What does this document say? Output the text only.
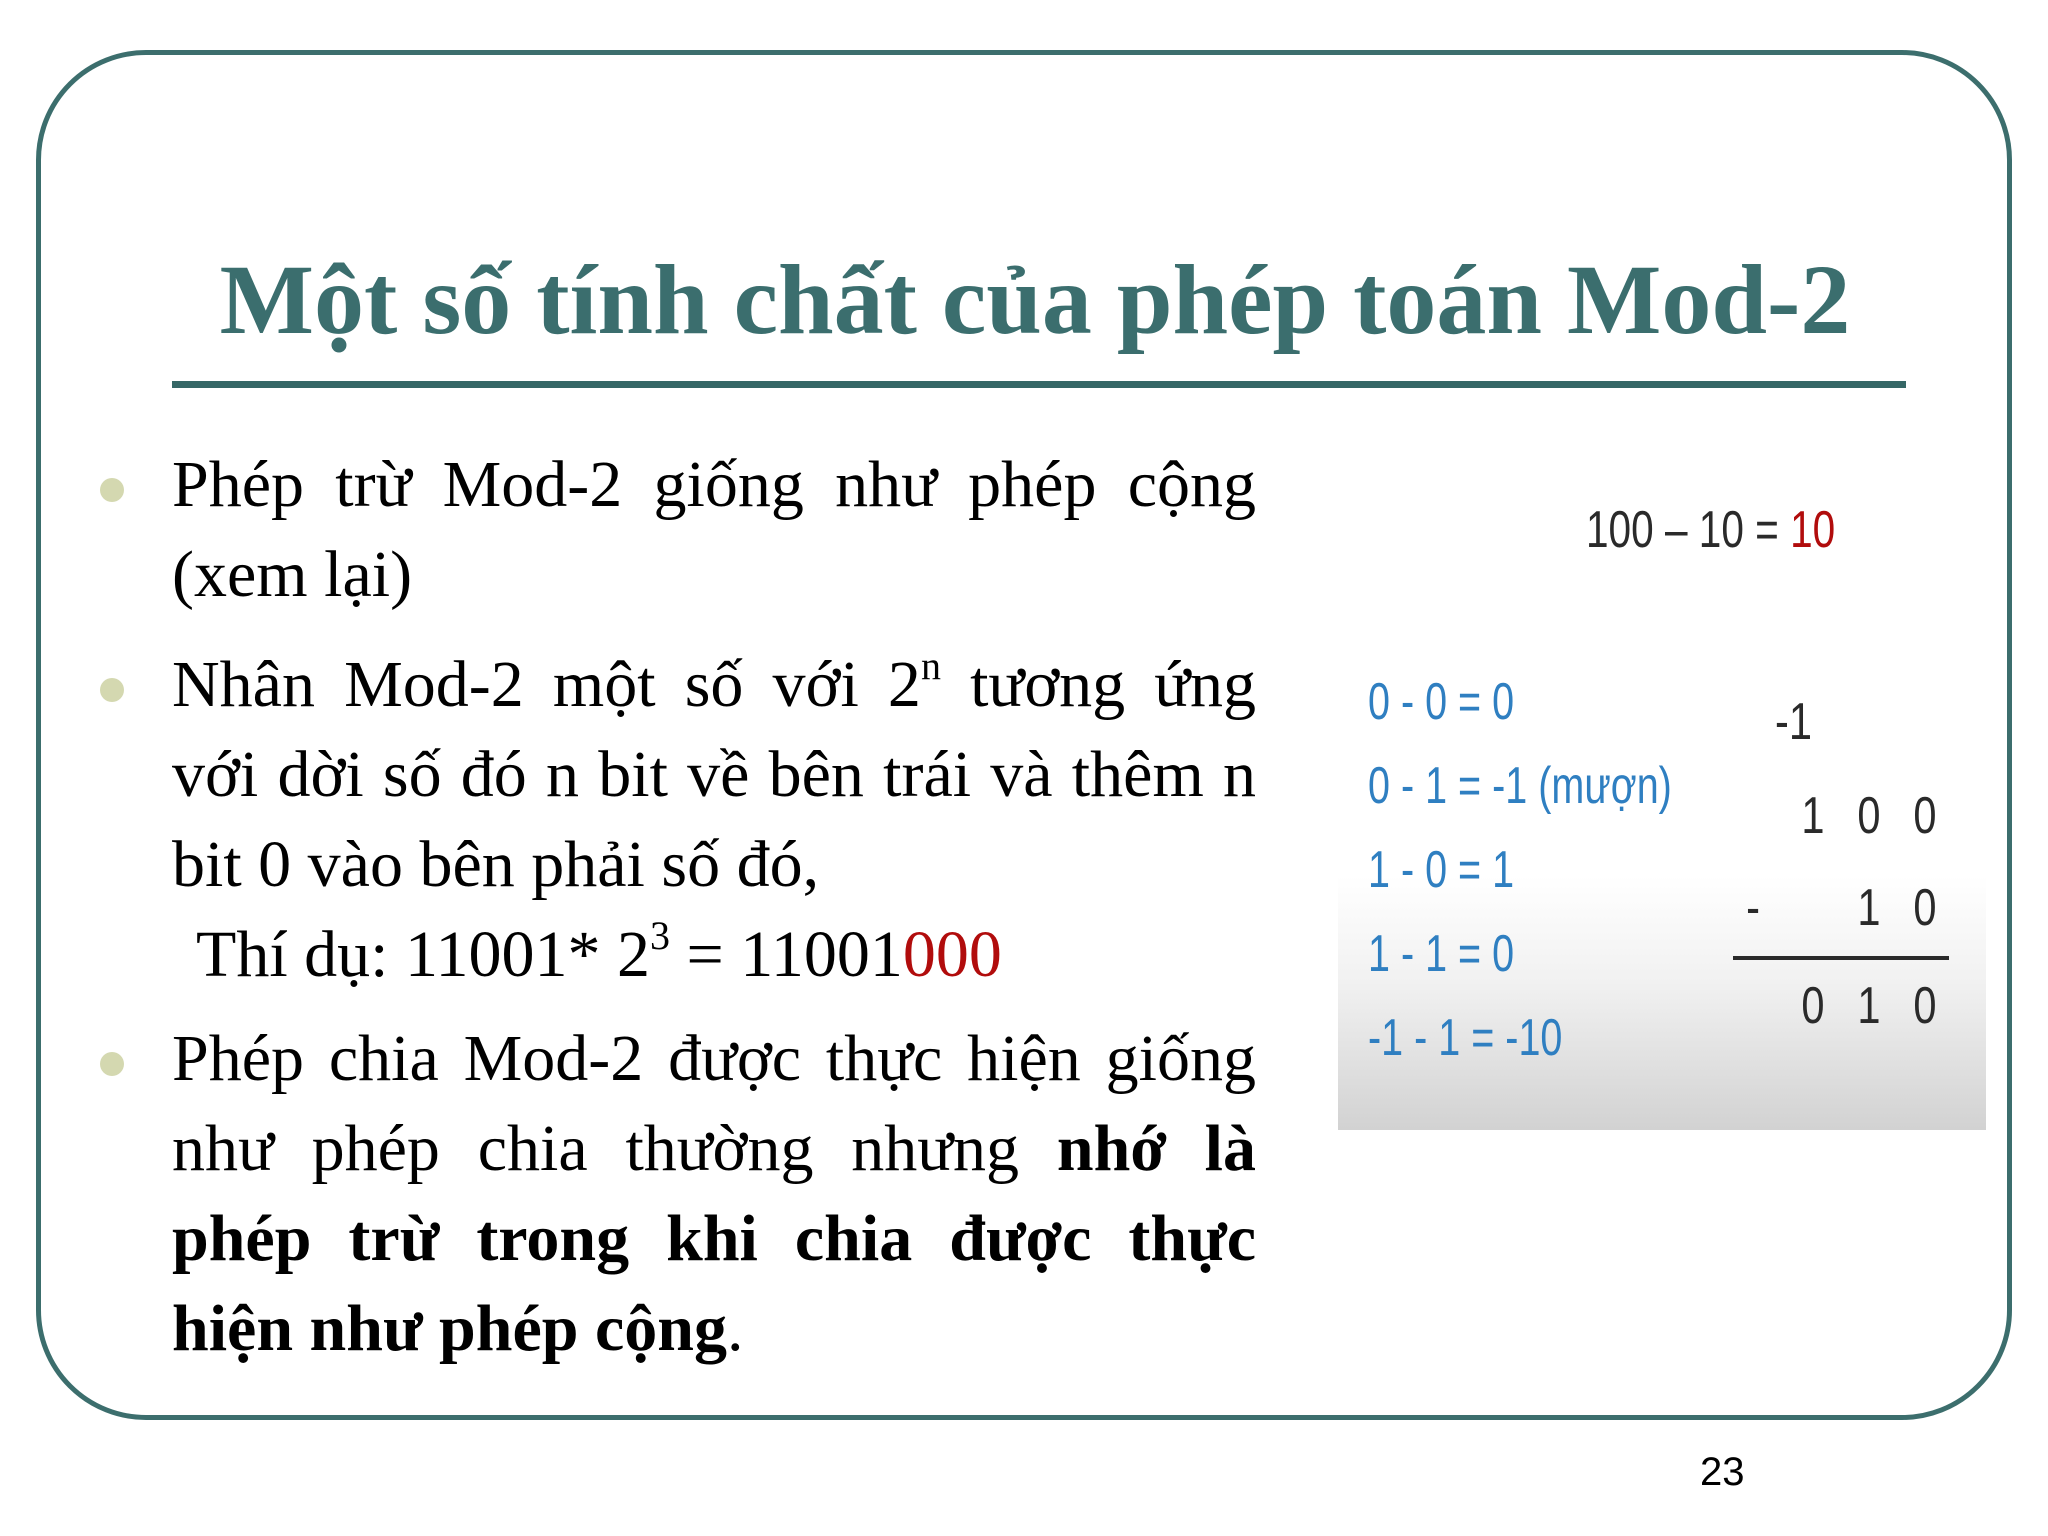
Một số tính chất của phép toán Mod-2
Phép trừ Mod-2 giống như phép cộng (xem lại)
Nhân Mod-2 một số với 2$^n$ tương ứng với dời số đó n bit về bên trái và thêm n bit 0 vào bên phải số đó,
Thí dụ: 11001* $2^3 = 11001000$
Phép chia Mod-2 được thực hiện giống như phép chia thường nhưng nhớ là phép trừ trong khi chia được thực hiện như phép cộng.
100 – 10 = 10
0 - 0 = 0
0 - 1 = -1 (mượn)
1 - 0 = 1
1 - 1 = 0
-1 - 1 = -10
-1
1 0 0
- 1 0
0 1 0
23
